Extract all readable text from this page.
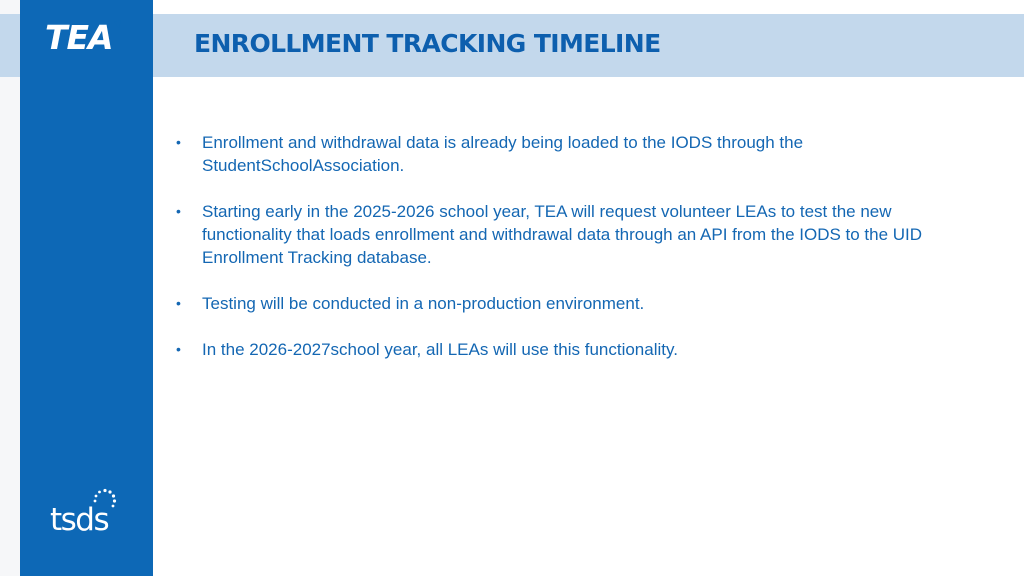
TEA	ENROLLMENT TRACKING TIMELINE
• Enrollment and withdrawal data is already being loaded to the IODS through the StudentSchoolAssociation.
• Starting early in the 2025-2026 school year, TEA will request volunteer LEAs to test the new functionality that loads enrollment and withdrawal data through an API from the IODS to the UID Enrollment Tracking database.
• Testing will be conducted in a non-production environment.
• In the 2026-2027school year, all LEAs will use this functionality.
tsds
